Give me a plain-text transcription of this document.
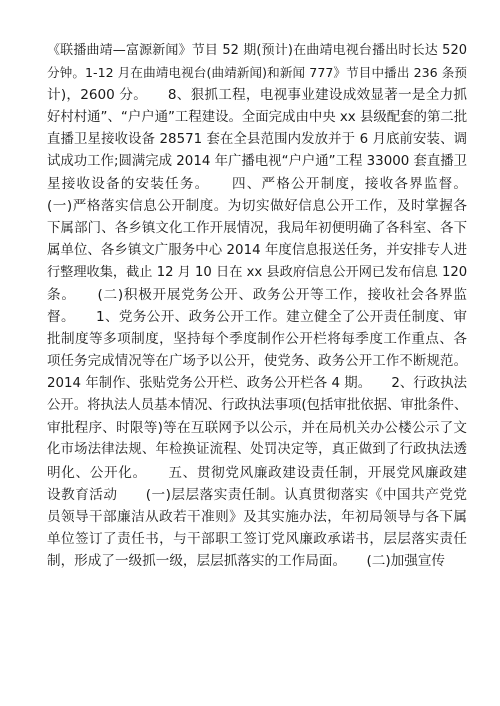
《联播曲靖—富源新闻》节目 52 期(预计)在曲靖电视台播出时长达 520
分钟。1-12 月在曲靖电视台(曲靖新闻)和新闻 777》节目中播出 236 条预
计)，2600 分。　　8、狠抓工程，电视事业建设成效显著一是全力抓
好村村通”、“户户通”工程建设。全面完成由中央 xx 县级配套的第二批
直播卫星接收设备 28571 套在全县范围内发放并于 6 月底前安装、调
试成功工作;圆满完成 2014 年广播电视“户户通”工程 33000 套直播卫
星接收设备的安装任务。　　四、严格公开制度，接收各界监督。
(一)严格落实信息公开制度。为切实做好信息公开工作，及时掌握各
下属部门、各乡镇文化工作开展情况，我局年初便明确了各科室、各下
属单位、各乡镇文广服务中心 2014 年度信息报送任务，并安排专人进
行整理收集，截止 12 月 10 日在 xx 县政府信息公开网已发布信息 120
条。　　(二)积极开展党务公开、政务公开等工作，接收社会各界监
督。　　1、党务公开、政务公开工作。建立健全了公开责任制度、审
批制度等多项制度，坚持每个季度制作公开栏将每季度工作重点、各
项任务完成情况等在广场予以公开，使党务、政务公开工作不断规范。
2014 年制作、张贴党务公开栏、政务公开栏各 4 期。　　2、行政执法
公开。将执法人员基本情况、行政执法事项(包括审批依据、审批条件、
审批程序、时限等)等在互联网予以公示，并在局机关办公楼公示了文
化市场法律法规、年检换证流程、处罚决定等，真正做到了行政执法透
明化、公开化。　　五、贯彻党风廉政建设责任制，开展党风廉政建
设教育活动　　(一)层层落实责任制。认真贯彻落实《中国共产党党
员领导干部廉洁从政若干准则》及其实施办法，年初局领导与各下属
单位签订了责任书，与干部职工签订党风廉政承诺书，层层落实责任
制，形成了一级抓一级，层层抓落实的工作局面。　　(二)加强宣传
